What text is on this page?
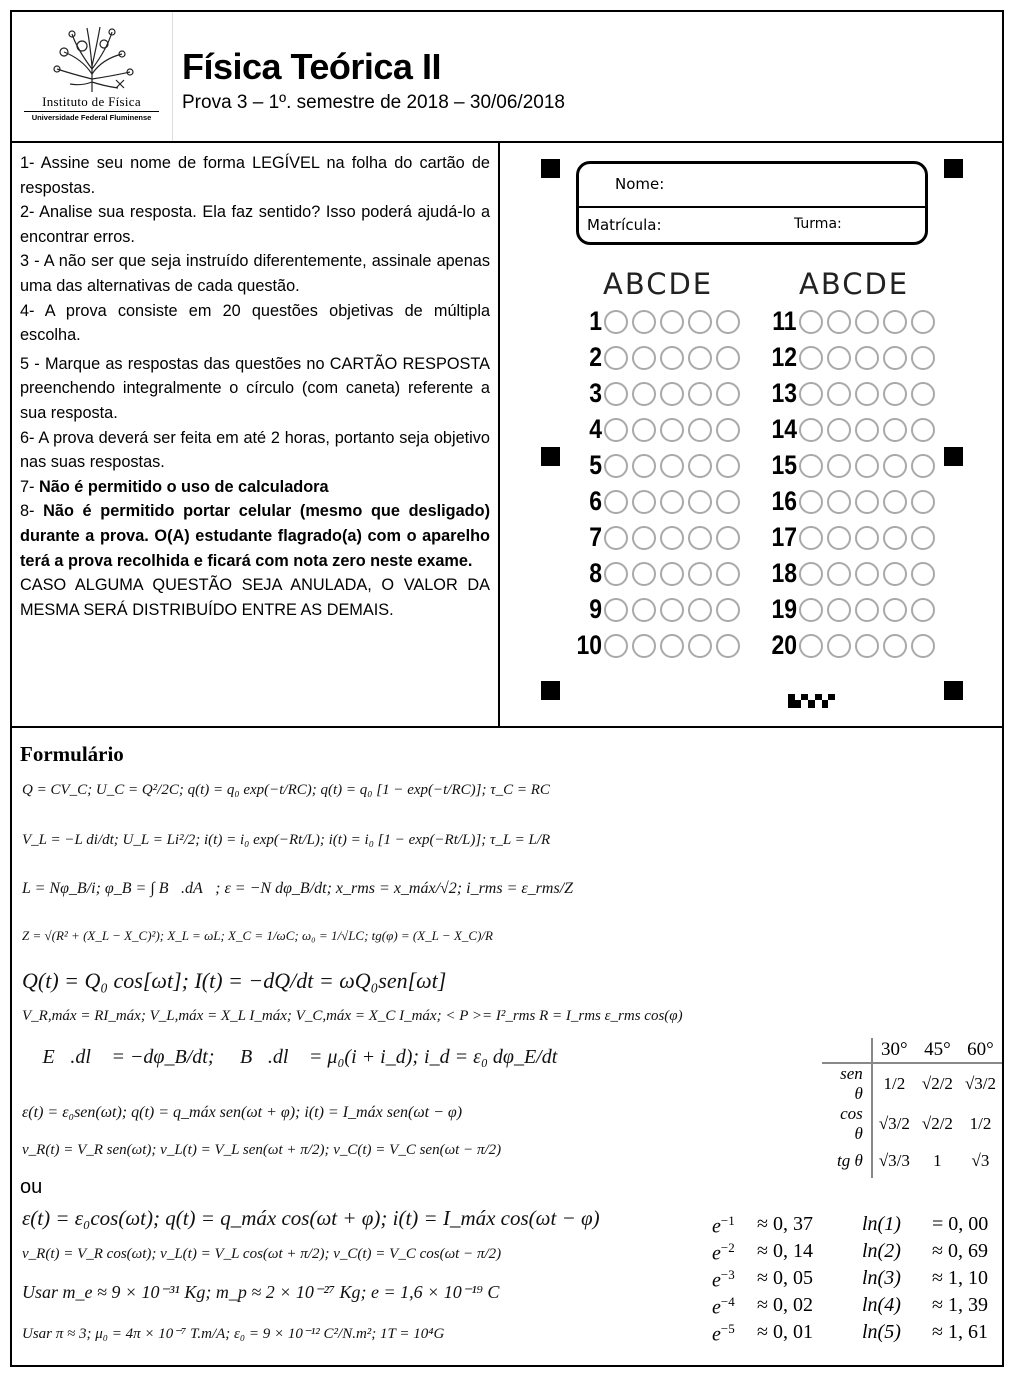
Instituto de Física
Universidade Federal Fluminense
Física Teórica II
Prova 3 – 1º. semestre de 2018 – 30/06/2018

1- Assine seu nome de forma LEGÍVEL na folha do cartão de respostas.

2- Analise sua resposta. Ela faz sentido? Isso poderá ajudá-lo a encontrar erros.

3 - A não ser que seja instruído diferentemente, assinale apenas uma das alternativas de cada questão.

4- A prova consiste em 20 questões objetivas de múltipla escolha.

5 - Marque as respostas das questões no CARTÃO RESPOSTA preenchendo integralmente o círculo (com caneta) referente a sua resposta.

6- A prova deverá ser feita em até 2 horas, portanto seja objetivo nas suas respostas.

7- Não é permitido o uso de calculadora

8- Não é permitido portar celular (mesmo que desligado) durante a prova. O(A) estudante flagrado(a) com o aparelho terá a prova recolhida e ficará com nota zero neste exame.

CASO ALGUMA QUESTÃO SEJA ANULADA, O VALOR DA MESMA SERÁ DISTRIBUÍDO ENTRE AS DEMAIS.

Nome:
Matrícula:	Turma:
ABCDE	ABCDE
1
2
3
4
5
6
7
8
9
10
11
12
13
14
15
16
17
18
19
20
Formulário
Q = CV_C; U_C = Q²/2C; q(t) = q₀ exp(−t/RC); q(t) = q₀ [1 − exp(−t/RC)]; τ_C = RC
V_L = −L di/dt; U_L = Li²/2; i(t) = i₀ exp(−Rt/L); i(t) = i₀ [1 − exp(−Rt/L)]; τ_L = L/R
L = Nφ_B/i; φ_B = ∫ B⃗.dA⃗; ε = −N dφ_B/dt; x_rms = x_máx/√2; i_rms = ε_rms/Z
Z = √(R² + (X_L − X_C)²); X_L = ωL; X_C = 1/ωC; ω₀ = 1/√LC; tg(φ) = (X_L − X_C)/R
Q(t) = Q₀ cos[ωt]; I(t) = −dQ/dt = ωQ₀sen[ωt]
V_R,máx = RI_máx; V_L,máx = X_L I_máx; V_C,máx = X_C I_máx; < P >= I²_rms R = I_rms ε_rms cos(φ)
∮ E⃗.dl⃗ = −dφ_B/dt; ∮ B⃗.dl⃗ = μ₀(i + i_d); i_d = ε₀ dφ_E/dt
ε(t) = ε₀sen(ωt); q(t) = q_máx sen(ωt + φ); i(t) = I_máx sen(ωt − φ)
v_R(t) = V_R sen(ωt); v_L(t) = V_L sen(ωt + π/2); v_C(t) = V_C sen(ωt − π/2)
ou
ε(t) = ε₀cos(ωt); q(t) = q_máx cos(ωt + φ); i(t) = I_máx cos(ωt − φ)
v_R(t) = V_R cos(ωt); v_L(t) = V_L cos(ωt + π/2); v_C(t) = V_C cos(ωt − π/2)
Usar m_e ≈ 9 × 10⁻³¹ Kg; m_p ≈ 2 × 10⁻²⁷ Kg; e = 1,6 × 10⁻¹⁹ C
Usar π ≈ 3; μ₀ = 4π × 10⁻⁷ T.m/A; ε₀ = 9 × 10⁻¹² C²/N.m²; 1T = 10⁴G
	30°	45°	60°
sen θ	1/2	√2/2	√3/2
cos θ	√3/2	√2/2	1/2
tg θ	√3/3	1	√3
$e^{-1} \approx 0$, 37 ln(1) = 0, 00
$e^{-2} \approx 0$, 14 ln(2) ≈ 0, 69
$e^{-3} \approx 0$, 05 ln(3) ≈ 1, 10
$e^{-4} \approx 0$, 02 ln(4) ≈ 1, 39
$e^{-5} \approx 0$, 01 ln(5) ≈ 1, 61
